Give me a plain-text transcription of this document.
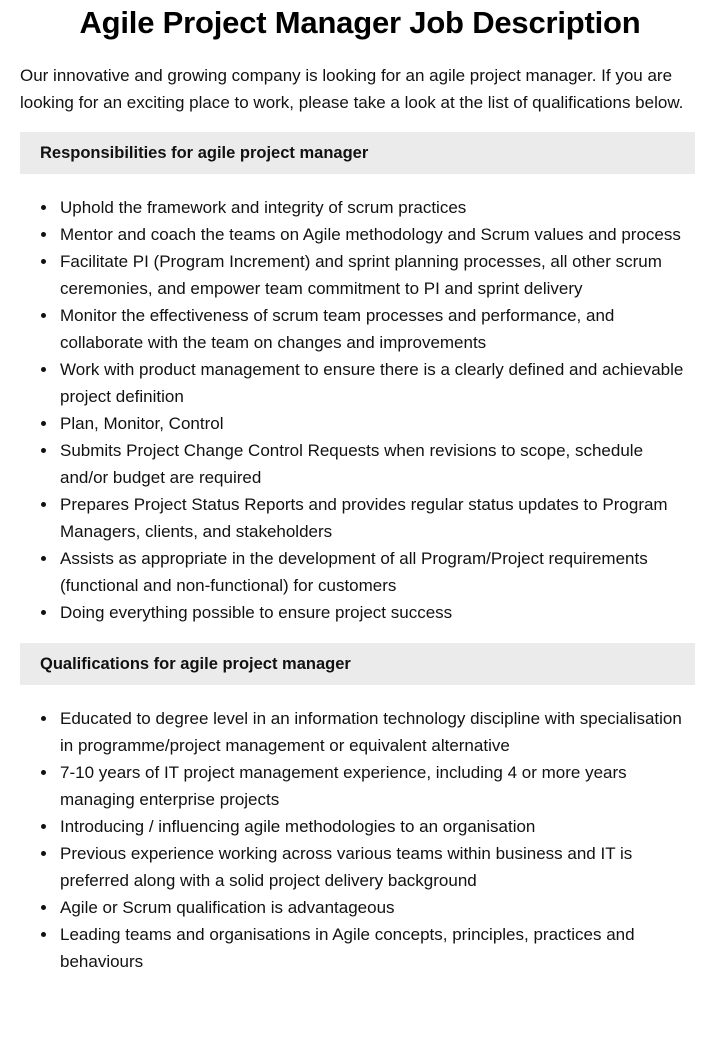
Agile Project Manager Job Description

Our innovative and growing company is looking for an agile project manager. If you are looking for an exciting place to work, please take a look at the list of qualifications below.

Responsibilities for agile project manager
Uphold the framework and integrity of scrum practices
Mentor and coach the teams on Agile methodology and Scrum values and process
Facilitate PI (Program Increment) and sprint planning processes, all other scrum ceremonies, and empower team commitment to PI and sprint delivery
Monitor the effectiveness of scrum team processes and performance, and collaborate with the team on changes and improvements
Work with product management to ensure there is a clearly defined and achievable project definition
Plan, Monitor, Control
Submits Project Change Control Requests when revisions to scope, schedule and/or budget are required
Prepares Project Status Reports and provides regular status updates to Program Managers, clients, and stakeholders
Assists as appropriate in the development of all Program/Project requirements (functional and non-functional) for customers
Doing everything possible to ensure project success
Qualifications for agile project manager
Educated to degree level in an information technology discipline with specialisation in programme/project management or equivalent alternative
7-10 years of IT project management experience, including 4 or more years managing enterprise projects
Introducing / influencing agile methodologies to an organisation
Previous experience working across various teams within business and IT is preferred along with a solid project delivery background
Agile or Scrum qualification is advantageous
Leading teams and organisations in Agile concepts, principles, practices and behaviours
